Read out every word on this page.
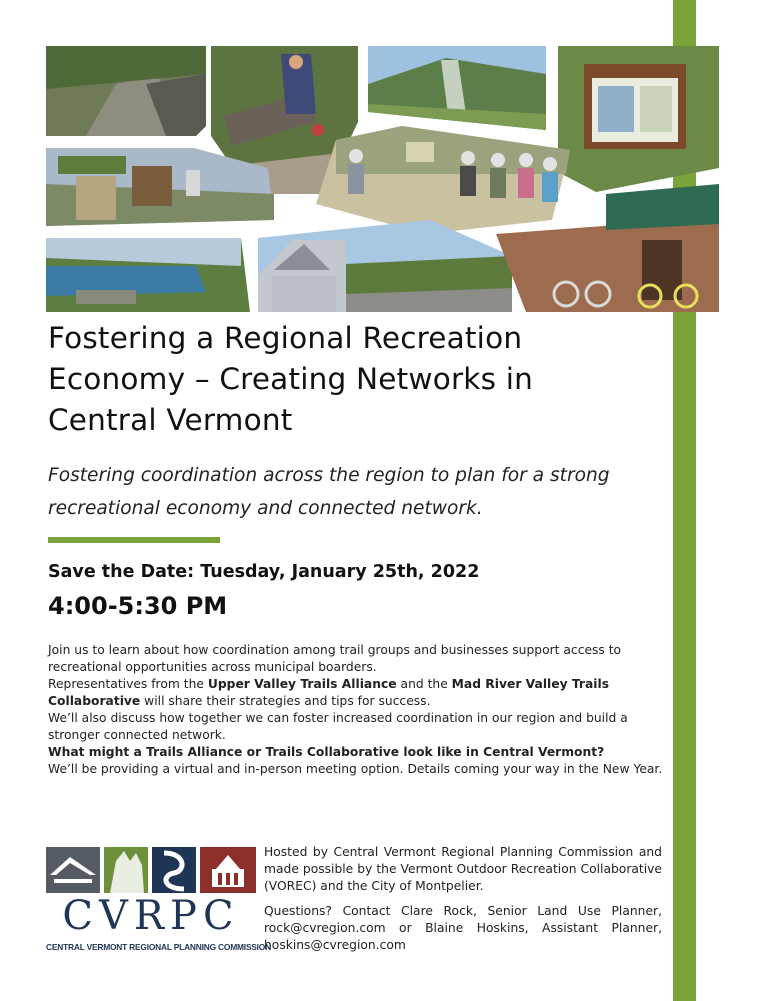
Fostering a Regional Recreation Economy – Creating Networks in Central Vermont

Fostering coordination across the region to plan for a strong recreational economy and connected network.

Save the Date: Tuesday, January 25th, 2022

4:00-5:30 PM

Join us to learn about how coordination among trail groups and businesses support access to recreational opportunities across municipal boarders.

Representatives from the Upper Valley Trails Alliance and the Mad River Valley Trails Collaborative will share their strategies and tips for success.

We’ll also discuss how together we can foster increased coordination in our region and build a stronger connected network.

What might a Trails Alliance or Trails Collaborative look like in Central Vermont?

We’ll be providing a virtual and in-person meeting option. Details coming your way in the New Year.

CVRPC
CENTRAL VERMONT REGIONAL PLANNING COMMISSION

Hosted by Central Vermont Regional Planning Commission and made possible by the Vermont Outdoor Recreation Collaborative (VOREC) and the City of Montpelier.

Questions? Contact Clare Rock, Senior Land Use Planner, rock@cvregion.com or Blaine Hoskins, Assistant Planner, hoskins@cvregion.com
